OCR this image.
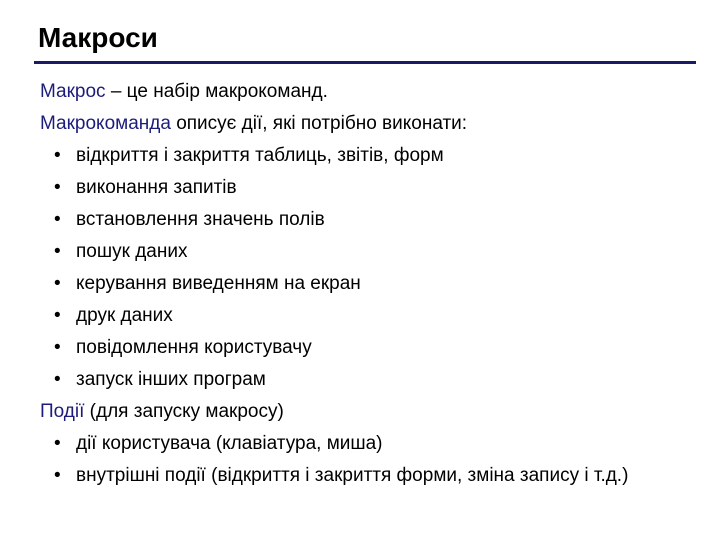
Макроси
Макрос – це набір макрокоманд.
Макрокоманда описує дії, які потрібно виконати:
• відкриття і закриття таблиць, звітів, форм
• виконання запитів
• встановлення значень полів
• пошук даних
• керування виведенням на екран
• друк даних
• повідомлення користувачу
• запуск інших програм
Події (для запуску макросу)
• дії користувача (клавіатура, миша)
• внутрішні події (відкриття і закриття форми, зміна запису і т.д.)
